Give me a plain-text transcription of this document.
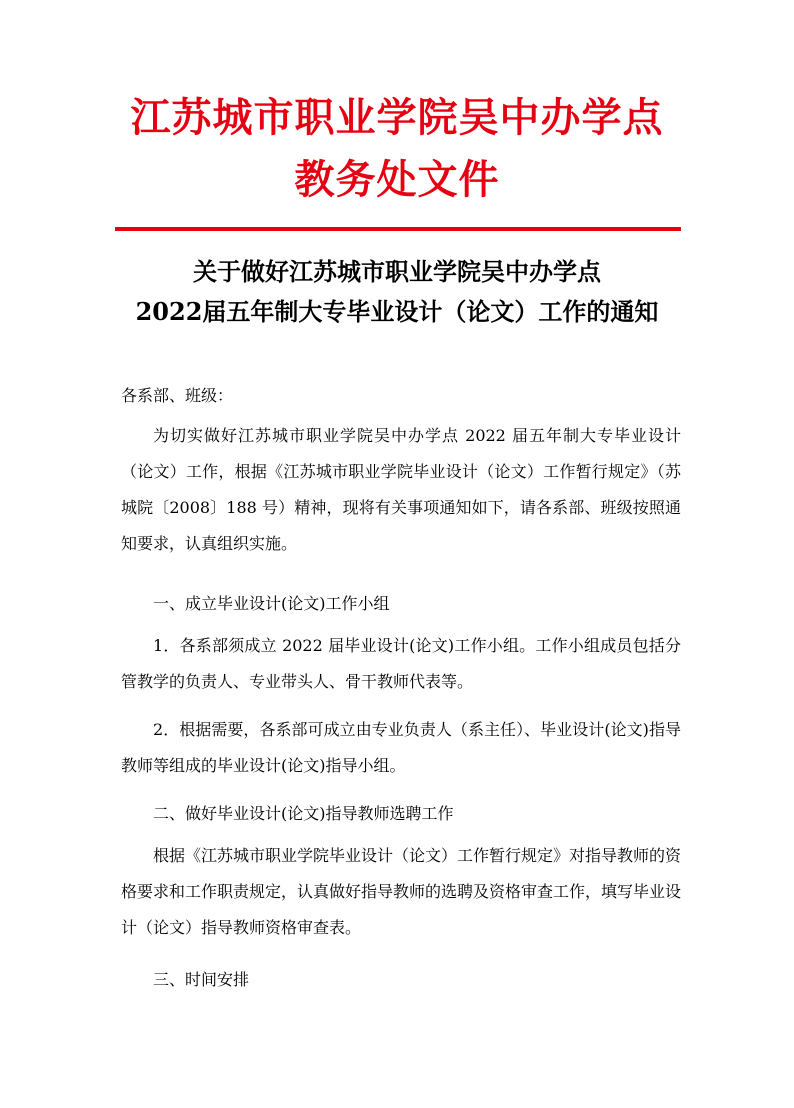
江苏城市职业学院吴中办学点
教务处文件
关于做好江苏城市职业学院吴中办学点
2022届五年制大专毕业设计（论文）工作的通知

各系部、班级：

为切实做好江苏城市职业学院吴中办学点 2022 届五年制大专毕业设计（论文）工作，根据《江苏城市职业学院毕业设计（论文）工作暂行规定》（苏城院〔2008〕188 号）精神，现将有关事项通知如下，请各系部、班级按照通知要求，认真组织实施。

一、成立毕业设计(论文)工作小组

1．各系部须成立 2022 届毕业设计(论文)工作小组。工作小组成员包括分管教学的负责人、专业带头人、骨干教师代表等。

2．根据需要，各系部可成立由专业负责人（系主任）、毕业设计(论文)指导教师等组成的毕业设计(论文)指导小组。

二、做好毕业设计(论文)指导教师选聘工作

根据《江苏城市职业学院毕业设计（论文）工作暂行规定》对指导教师的资格要求和工作职责规定，认真做好指导教师的选聘及资格审查工作，填写毕业设计（论文）指导教师资格审查表。

三、时间安排
